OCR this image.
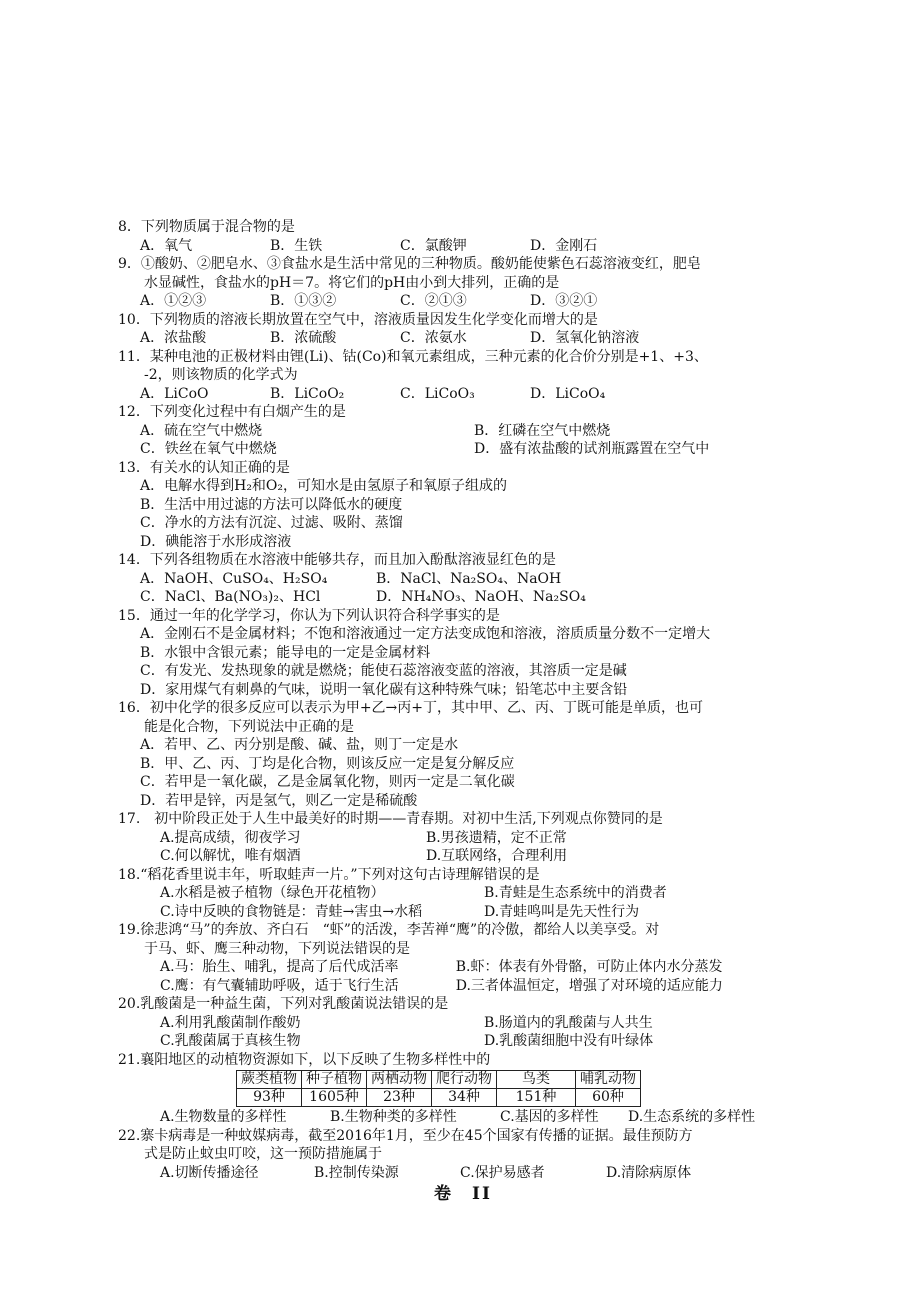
8．下列物质属于混合物的是
A．氧气	B．生铁	C．氯酸钾	D．金刚石
9．①酸奶、②肥皂水、③食盐水是生活中常见的三种物质。酸奶能使紫色石蕊溶液变红，肥皂
水显碱性，食盐水的pH＝7。将它们的pH由小到大排列，正确的是
A．①②③	B．①③②	C．②①③	D．③②①
10．下列物质的溶液长期放置在空气中，溶液质量因发生化学变化而增大的是
A．浓盐酸	B．浓硫酸	C．浓氨水	D．氢氧化钠溶液
11．某种电池的正极材料由锂(Li)、钴(Co)和氧元素组成，三种元素的化合价分别是+1、+3、
-2，则该物质的化学式为
A．LiCoO	B．LiCoO₂	C．LiCoO₃	D．LiCoO₄
12．下列变化过程中有白烟产生的是
A．硫在空气中燃烧	B．红磷在空气中燃烧
C．铁丝在氧气中燃烧	D．盛有浓盐酸的试剂瓶露置在空气中
13．有关水的认知正确的是
A．电解水得到H₂和O₂，可知水是由氢原子和氧原子组成的
B．生活中用过滤的方法可以降低水的硬度
C．净水的方法有沉淀、过滤、吸附、蒸馏
D．碘能溶于水形成溶液
14．下列各组物质在水溶液中能够共存，而且加入酚酞溶液显红色的是
A．NaOH、CuSO₄、H₂SO₄	B．NaCl、Na₂SO₄、NaOH
C．NaCl、Ba(NO₃)₂、HCl	D．NH₄NO₃、NaOH、Na₂SO₄
15．通过一年的化学学习，你认为下列认识符合科学事实的是
A．金刚石不是金属材料；不饱和溶液通过一定方法变成饱和溶液，溶质质量分数不一定增大
B．水银中含银元素；能导电的一定是金属材料
C．有发光、发热现象的就是燃烧；能使石蕊溶液变蓝的溶液，其溶质一定是碱
D．家用煤气有刺鼻的气味，说明一氧化碳有这种特殊气味；铅笔芯中主要含铅
16．初中化学的很多反应可以表示为甲+乙→丙+丁，其中甲、乙、丙、丁既可能是单质，也可
能是化合物，下列说法中正确的是
A．若甲、乙、丙分别是酸、碱、盐，则丁一定是水
B．甲、乙、丙、丁均是化合物，则该反应一定是复分解反应
C．若甲是一氧化碳，乙是金属氧化物，则丙一定是二氧化碳
D．若甲是锌，丙是氢气，则乙一定是稀硫酸
17.　初中阶段正处于人生中最美好的时期——青春期。对初中生活,下列观点你赞同的是
A.提高成绩，彻夜学习	B.男孩遗精，定不正常
C.何以解忧，唯有烟酒	D.互联网络，合理利用
18.“稻花香里说丰年，听取蛙声一片。”下列对这句古诗理解错误的是
A.水稻是被子植物（绿色开花植物）	B.青蛙是生态系统中的消费者
C.诗中反映的食物链是：青蛙→害虫→水稻	D.青蛙鸣叫是先天性行为
19.徐悲鸿“马”的奔放、齐白石　“虾”的活泼，李苦禅“鹰”的冷傲，都给人以美享受。对
于马、虾、鹰三种动物，下列说法错误的是
A.马：胎生、哺乳，提高了后代成活率	B.虾：体表有外骨骼，可防止体内水分蒸发
C.鹰：有气囊辅助呼吸，适于飞行生活	D.三者体温恒定，增强了对环境的适应能力
20.乳酸菌是一种益生菌，下列对乳酸菌说法错误的是
A.利用乳酸菌制作酸奶	B.肠道内的乳酸菌与人共生
C.乳酸菌属于真核生物	D.乳酸菌细胞中没有叶绿体
21.襄阳地区的动植物资源如下，以下反映了生物多样性中的
蕨类植物	种子植物	两栖动物	爬行动物	鸟类	哺乳动物
93种	1605种	23种	34种	151种	60种
A.生物数量的多样性	B.生物种类的多样性	C.基因的多样性	D.生态系统的多样性
22.寨卡病毒是一种蚊媒病毒，截至2016年1月，至少在45个国家有传播的证据。最佳预防方
式是防止蚊虫叮咬，这一预防措施属于
A.切断传播途径	B.控制传染源	C.保护易感者	D.清除病原体
卷　II
